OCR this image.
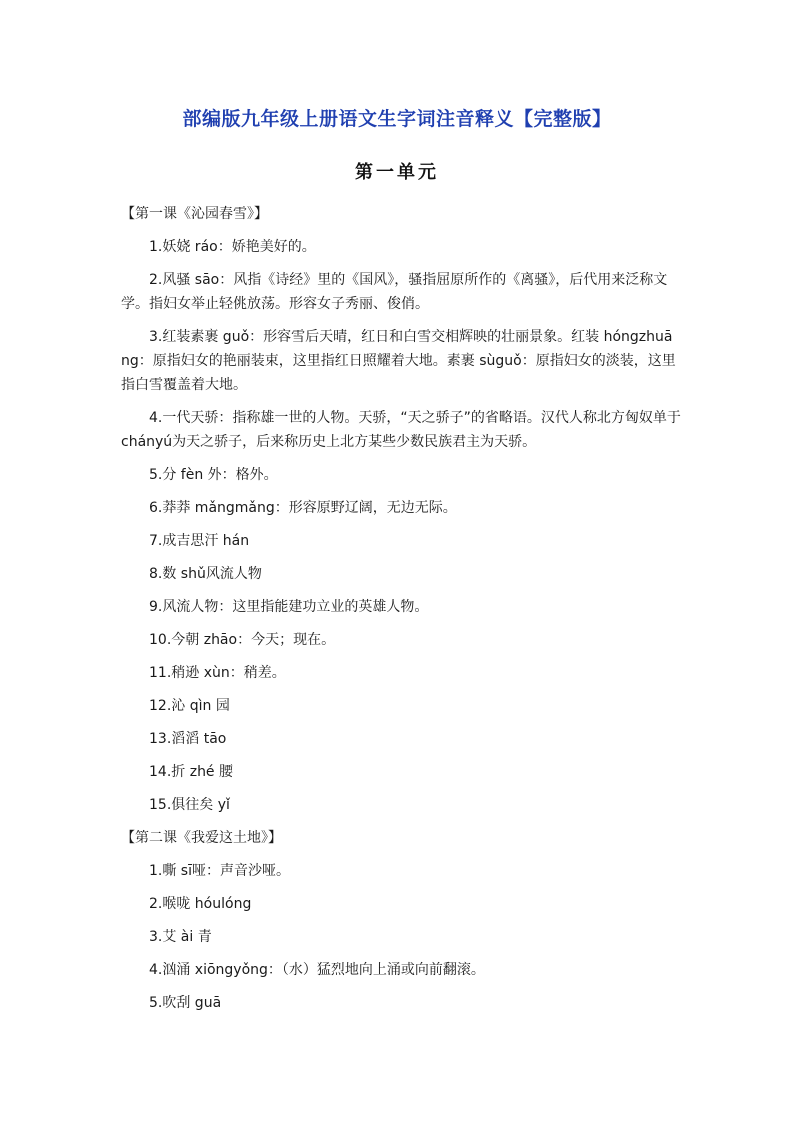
部编版九年级上册语文生字词注音释义【完整版】
第一单元
【第一课《沁园春雪》】
1.妖娆 ráo：娇艳美好的。
2.风骚 sāo：风指《诗经》里的《国风》，骚指屈原所作的《离骚》，后代用来泛称文学。指妇女举止轻佻放荡。形容女子秀丽、俊俏。
3.红装素裹 guǒ：形容雪后天晴，红日和白雪交相辉映的壮丽景象。红装 hóngzhuāng：原指妇女的艳丽装束，这里指红日照耀着大地。素裹 sùguǒ：原指妇女的淡装，这里指白雪覆盖着大地。
4.一代天骄：指称雄一世的人物。天骄，“天之骄子”的省略语。汉代人称北方匈奴单于 chányú为天之骄子，后来称历史上北方某些少数民族君主为天骄。
5.分 fèn 外：格外。
6.莽莽 mǎngmǎng：形容原野辽阔，无边无际。
7.成吉思汗 hán
8.数 shǔ风流人物
9.风流人物：这里指能建功立业的英雄人物。
10.今朝 zhāo：今天；现在。
11.稍逊 xùn：稍差。
12.沁 qìn 园
13.滔滔 tāo
14.折 zhé 腰
15.俱往矣 yǐ
【第二课《我爱这土地》】
1.嘶 sī哑：声音沙哑。
2.喉咙 hóulóng
3.艾 ài 青
4.汹涌 xiōngyǒng：（水）猛烈地向上涌或向前翻滚。
5.吹刮 guā
